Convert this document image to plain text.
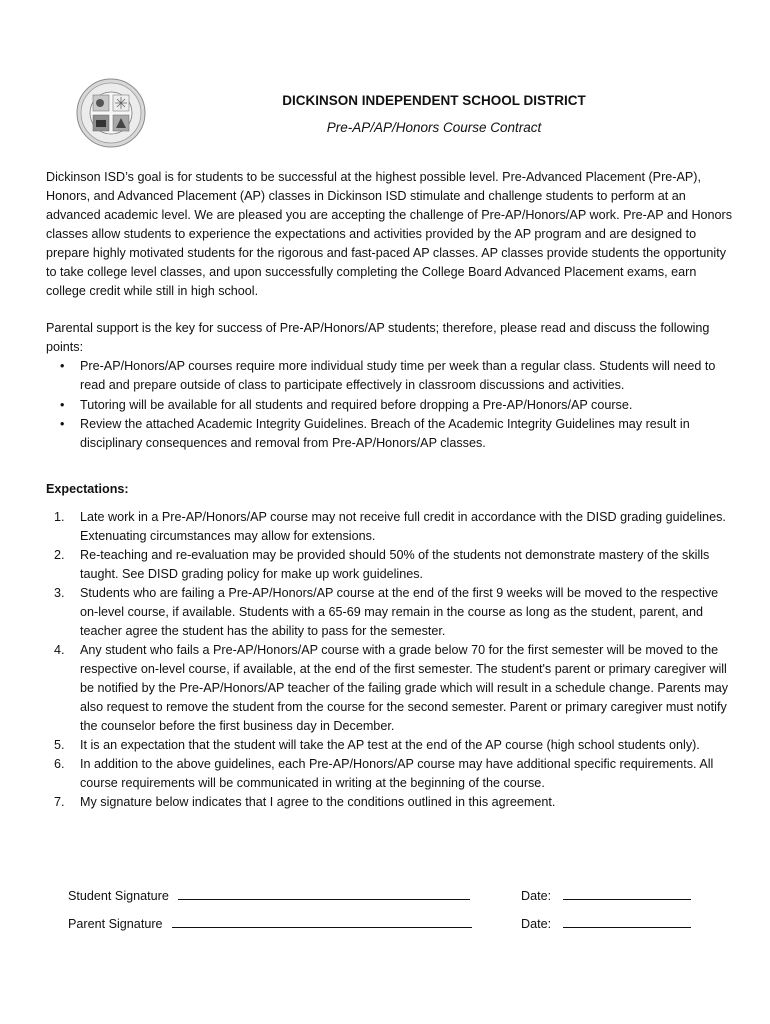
DICKINSON INDEPENDENT SCHOOL DISTRICT
Pre-AP/AP/Honors Course Contract
Dickinson ISD’s goal is for students to be successful at the highest possible level. Pre-Advanced Placement (Pre-AP), Honors, and Advanced Placement (AP) classes in Dickinson ISD stimulate and challenge students to perform at an advanced academic level. We are pleased you are accepting the challenge of Pre-AP/Honors/AP work. Pre-AP and Honors classes allow students to experience the expectations and activities provided by the AP program and are designed to prepare highly motivated students for the rigorous and fast-paced AP classes. AP classes provide students the opportunity to take college level classes, and upon successfully completing the College Board Advanced Placement exams, earn college credit while still in high school.
Parental support is the key for success of Pre-AP/Honors/AP students; therefore, please read and discuss the following points:
• Pre-AP/Honors/AP courses require more individual study time per week than a regular class. Students will need to read and prepare outside of class to participate effectively in classroom discussions and activities.
• Tutoring will be available for all students and required before dropping a Pre-AP/Honors/AP course.
• Review the attached Academic Integrity Guidelines. Breach of the Academic Integrity Guidelines may result in disciplinary consequences and removal from Pre-AP/Honors/AP classes.
Expectations:
1. Late work in a Pre-AP/Honors/AP course may not receive full credit in accordance with the DISD grading guidelines. Extenuating circumstances may allow for extensions.
2. Re-teaching and re-evaluation may be provided should 50% of the students not demonstrate mastery of the skills taught. See DISD grading policy for make up work guidelines.
3. Students who are failing a Pre-AP/Honors/AP course at the end of the first 9 weeks will be moved to the respective on-level course, if available. Students with a 65-69 may remain in the course as long as the student, parent, and teacher agree the student has the ability to pass for the semester.
4. Any student who fails a Pre-AP/Honors/AP course with a grade below 70 for the first semester will be moved to the respective on-level course, if available, at the end of the first semester. The student's parent or primary caregiver will be notified by the Pre-AP/Honors/AP teacher of the failing grade which will result in a schedule change. Parents may also request to remove the student from the course for the second semester. Parent or primary caregiver must notify the counselor before the first business day in December.
5. It is an expectation that the student will take the AP test at the end of the AP course (high school students only).
6. In addition to the above guidelines, each Pre-AP/Honors/AP course may have additional specific requirements. All course requirements will be communicated in writing at the beginning of the course.
7. My signature below indicates that I agree to the conditions outlined in this agreement.
Student Signature	Date:
Parent Signature	Date:
